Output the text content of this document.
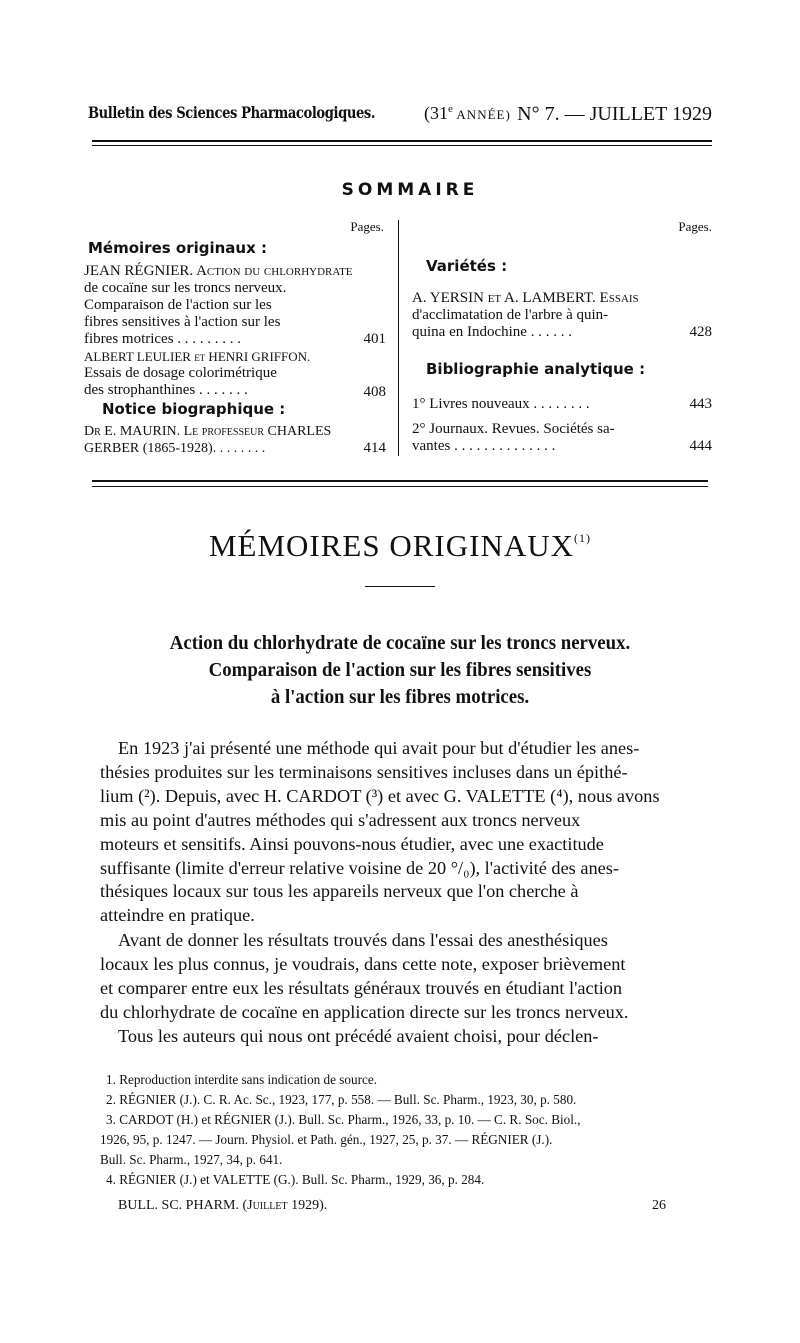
Bulletin des Sciences Pharmacologiques.	(31e ANNÉE) N° 7. — JUILLET 1929
SOMMAIRE
Pages.
Mémoires originaux :
JEAN RÉGNIER. Action du chlorhydrate
de cocaïne sur les troncs nerveux.
Comparaison de l'action sur les
fibres sensitives à l'action sur les
fibres motrices . . . . . . . . .	401
ALBERT LEULIER et HENRI GRIFFON.
Essais de dosage colorimétrique
des strophanthines . . . . . . .	408
Notice biographique :
Dr E. MAURIN. Le professeur CHARLES
GERBER (1865-1928). . . . . . . .	414
Pages.
Variétés :
A. YERSIN et A. LAMBERT. Essais
d'acclimatation de l'arbre à quin-
quina en Indochine . . . . . .	428
Bibliographie analytique :
1° Livres nouveaux . . . . . . . .	443
2° Journaux. Revues. Sociétés sa-
vantes . . . . . . . . . . . . . .	444
MÉMOIRES ORIGINAUX$^{(1)}$
Action du chlorhydrate de cocaïne sur les troncs nerveux.
Comparaison de l'action sur les fibres sensitives
à l'action sur les fibres motrices.
En 1923 j'ai présenté une méthode qui avait pour but d'étudier les anes-
thésies produites sur les terminaisons sensitives incluses dans un épithé-
lium (²). Depuis, avec H. CARDOT (³) et avec G. VALETTE (⁴), nous avons
mis au point d'autres méthodes qui s'adressent aux troncs nerveux
moteurs et sensitifs. Ainsi pouvons-nous étudier, avec une exactitude
suffisante (limite d'erreur relative voisine de 20 °/₀), l'activité des anes-
thésiques locaux sur tous les appareils nerveux que l'on cherche à
atteindre en pratique.
Avant de donner les résultats trouvés dans l'essai des anesthésiques
locaux les plus connus, je voudrais, dans cette note, exposer brièvement
et comparer entre eux les résultats généraux trouvés en étudiant l'action
du chlorhydrate de cocaïne en application directe sur les troncs nerveux.
Tous les auteurs qui nous ont précédé avaient choisi, pour déclen-
1. Reproduction interdite sans indication de source.
2. RÉGNIER (J.). C. R. Ac. Sc., 1923, 177, p. 558. — Bull. Sc. Pharm., 1923, 30, p. 580.
3. CARDOT (H.) et RÉGNIER (J.). Bull. Sc. Pharm., 1926, 33, p. 10. — C. R. Soc. Biol.,
1926, 95, p. 1247. — Journ. Physiol. et Path. gén., 1927, 25, p. 37. — RÉGNIER (J.).
Bull. Sc. Pharm., 1927, 34, p. 641.
4. RÉGNIER (J.) et VALETTE (G.). Bull. Sc. Pharm., 1929, 36, p. 284.
BULL. SC. PHARM. (Juillet 1929).	26
